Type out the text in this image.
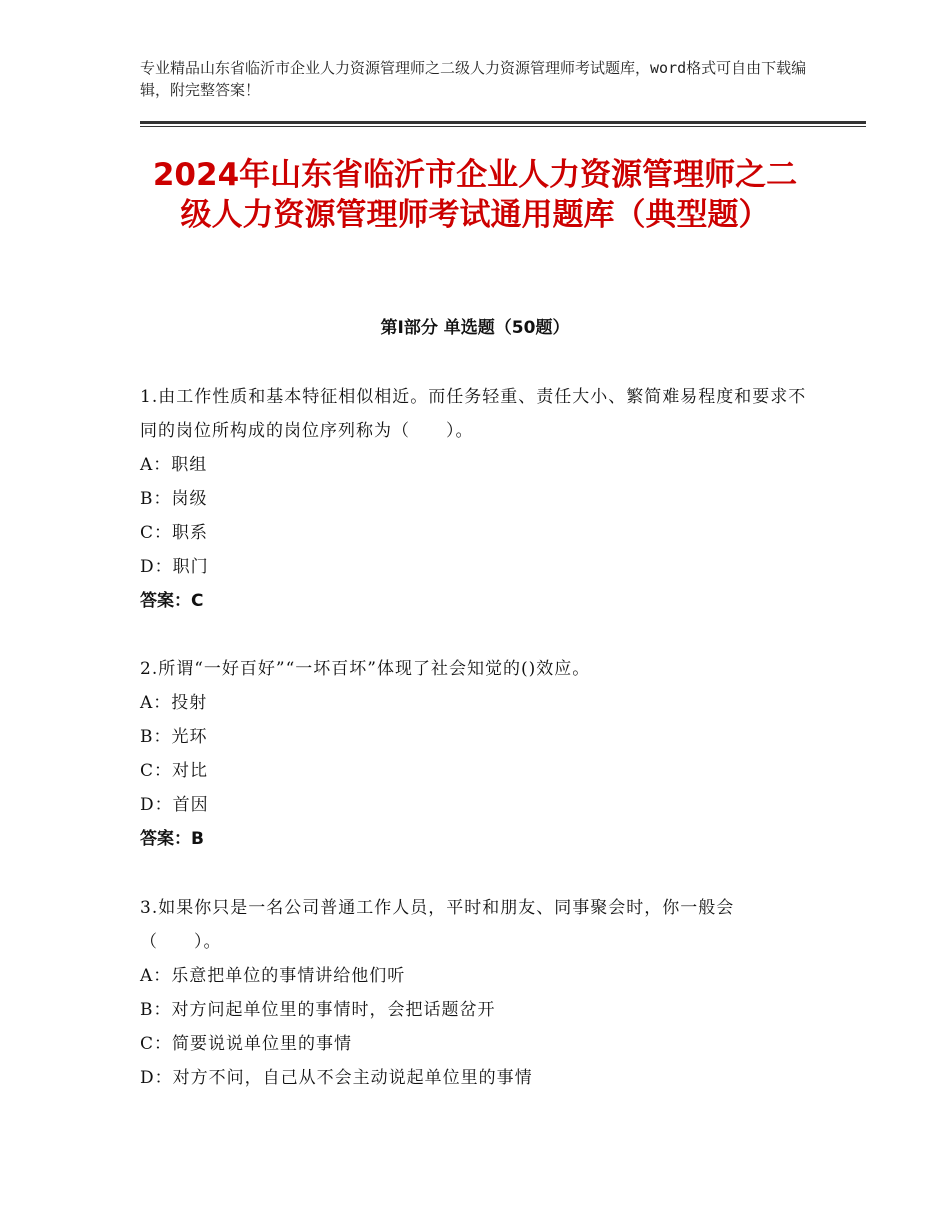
专业精品山东省临沂市企业人力资源管理师之二级人力资源管理师考试题库，word格式可自由下载编辑，附完整答案！
2024年山东省临沂市企业人力资源管理师之二级人力资源管理师考试通用题库（典型题）
第Ⅰ部分 单选题（50题）
1.由工作性质和基本特征相似相近。而任务轻重、责任大小、繁简难易程度和要求不同的岗位所构成的岗位序列称为（　　）。
A：职组
B：岗级
C：职系
D：职门
答案：C
2.所谓“一好百好”“一坏百坏”体现了社会知觉的()效应。
A：投射
B：光环
C：对比
D：首因
答案：B
3.如果你只是一名公司普通工作人员，平时和朋友、同事聚会时，你一般会（　　）。
A：乐意把单位的事情讲给他们听
B：对方问起单位里的事情时，会把话题岔开
C：简要说说单位里的事情
D：对方不问，自己从不会主动说起单位里的事情
